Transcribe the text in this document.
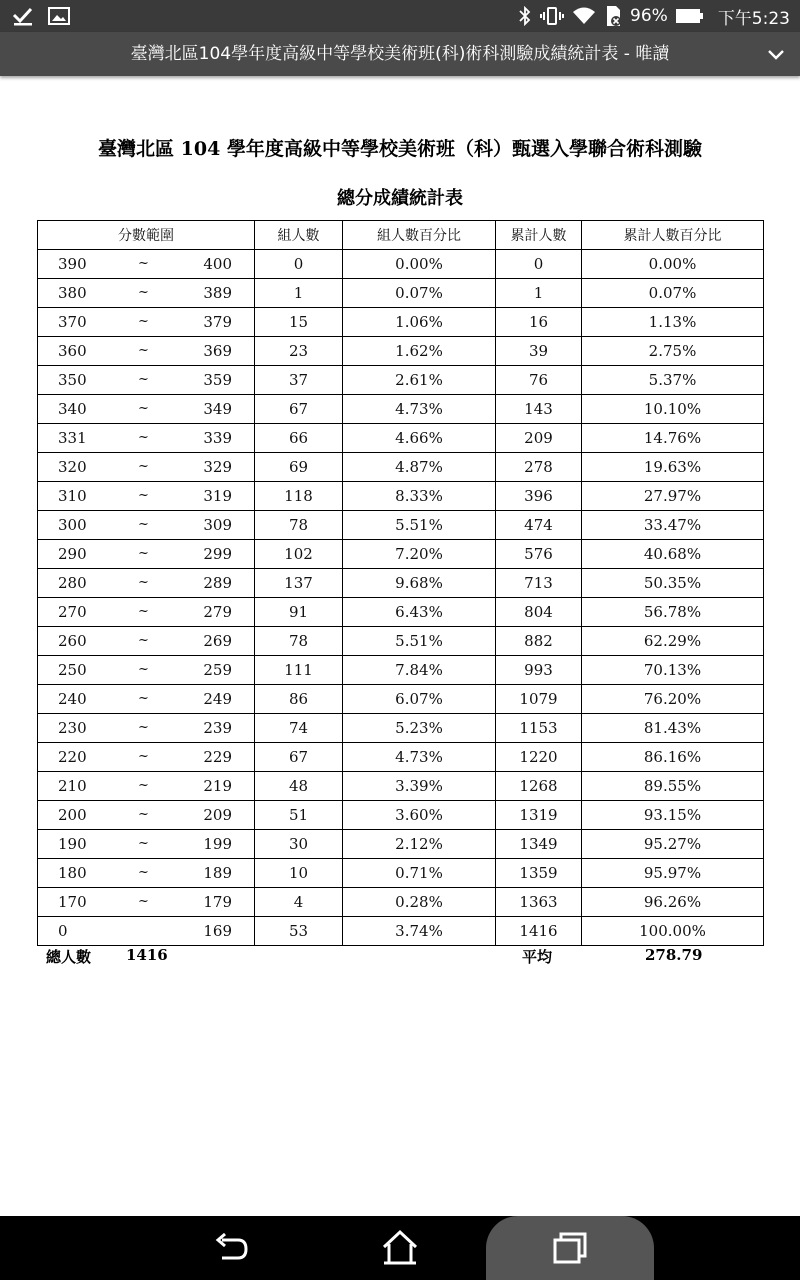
96%	下午5:23
臺灣北區104學年度高級中等學校美術班(科)術科測驗成績統計表 - 唯讀
臺灣北區 104 學年度高級中等學校美術班（科）甄選入學聯合術科測驗
總分成績統計表
分數範圍	組人數	組人數百分比	累計人數	累計人數百分比

390 ~ 400	0	0.00%	0	0.00%

380 ~ 389	1	0.07%	1	0.07%

370 ~ 379	15	1.06%	16	1.13%

360 ~ 369	23	1.62%	39	2.75%

350 ~ 359	37	2.61%	76	5.37%

340 ~ 349	67	4.73%	143	10.10%

331 ~ 339	66	4.66%	209	14.76%

320 ~ 329	69	4.87%	278	19.63%

310 ~ 319	118	8.33%	396	27.97%

300 ~ 309	78	5.51%	474	33.47%

290 ~ 299	102	7.20%	576	40.68%

280 ~ 289	137	9.68%	713	50.35%

270 ~ 279	91	6.43%	804	56.78%

260 ~ 269	78	5.51%	882	62.29%

250 ~ 259	111	7.84%	993	70.13%

240 ~ 249	86	6.07%	1079	76.20%

230 ~ 239	74	5.23%	1153	81.43%

220 ~ 229	67	4.73%	1220	86.16%

210 ~ 219	48	3.39%	1268	89.55%

200 ~ 209	51	3.60%	1319	93.15%

190 ~ 199	30	2.12%	1349	95.27%

180 ~ 189	10	0.71%	1359	95.97%

170 ~ 179	4	0.28%	1363	96.26%

0 169	53	3.74%	1416	100.00%
總人數 1416	平均	278.79
